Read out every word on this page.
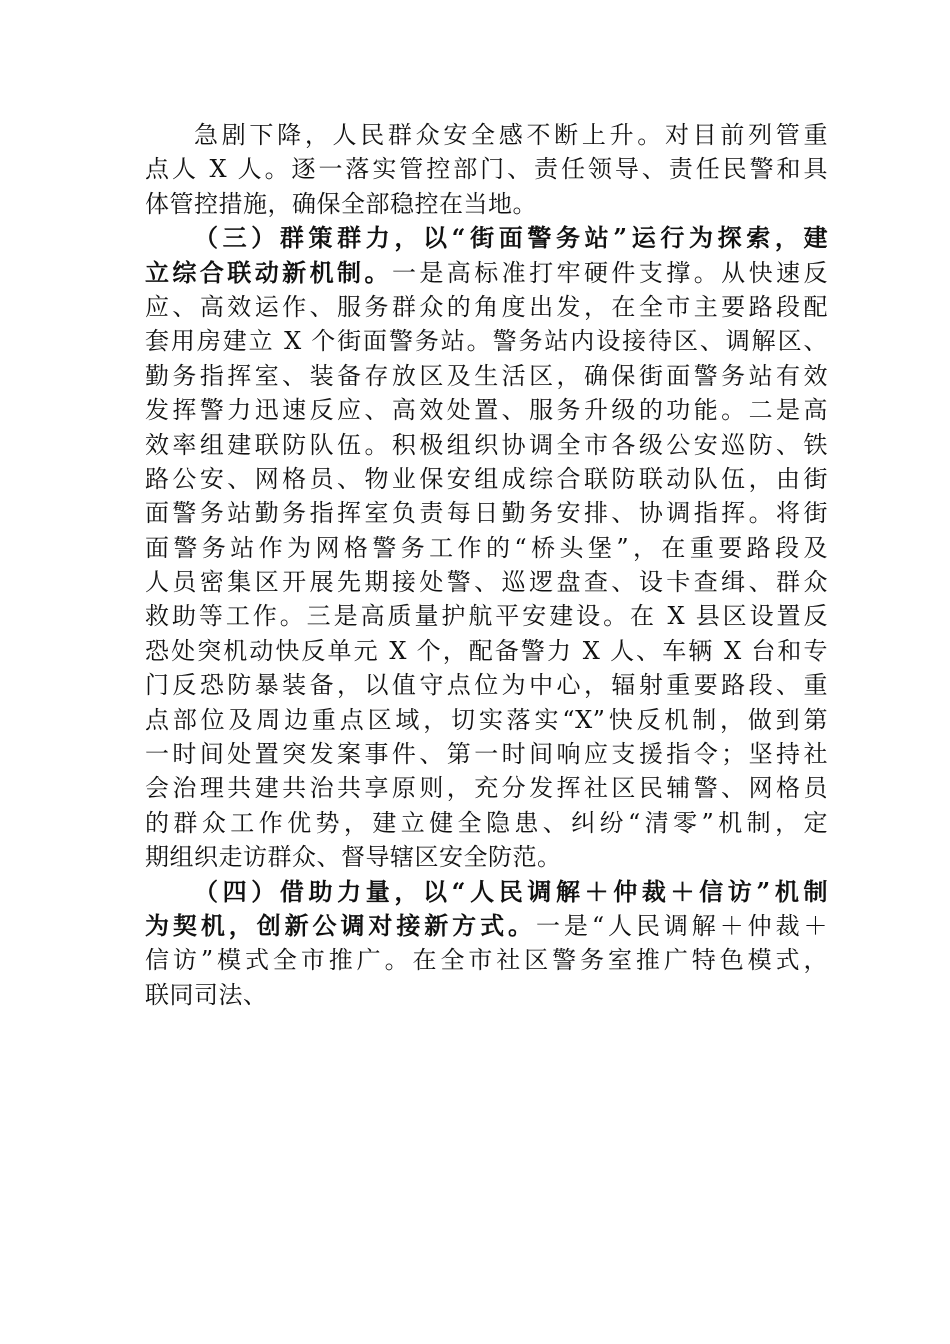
急剧下降，人民群众安全感不断上升。对目前列管重
点人 X 人。逐一落实管控部门、责任领导、责任民警和具
体管控措施，确保全部稳控在当地。
（三）群策群力，以“街面警务站”运行为探索，建
立综合联动新机制。一是高标准打牢硬件支撑。从快速反
应、高效运作、服务群众的角度出发，在全市主要路段配
套用房建立 X 个街面警务站。警务站内设接待区、调解区、
勤务指挥室、装备存放区及生活区，确保街面警务站有效
发挥警力迅速反应、高效处置、服务升级的功能。二是高
效率组建联防队伍。积极组织协调全市各级公安巡防、铁
路公安、网格员、物业保安组成综合联防联动队伍，由街
面警务站勤务指挥室负责每日勤务安排、协调指挥。将街
面警务站作为网格警务工作的“桥头堡”，在重要路段及
人员密集区开展先期接处警、巡逻盘查、设卡查缉、群众
救助等工作。三是高质量护航平安建设。在 X 县区设置反
恐处突机动快反单元 X 个，配备警力 X 人、车辆 X 台和专
门反恐防暴装备，以值守点位为中心，辐射重要路段、重
点部位及周边重点区域，切实落实“X”快反机制，做到第
一时间处置突发案事件、第一时间响应支援指令；坚持社
会治理共建共治共享原则，充分发挥社区民辅警、网格员
的群众工作优势，建立健全隐患、纠纷“清零”机制，定
期组织走访群众、督导辖区安全防范。
（四）借助力量，以“人民调解＋仲裁＋信访”机制
为契机，创新公调对接新方式。一是“人民调解＋仲裁＋
信访”模式全市推广。在全市社区警务室推广特色模式，
联同司法、
